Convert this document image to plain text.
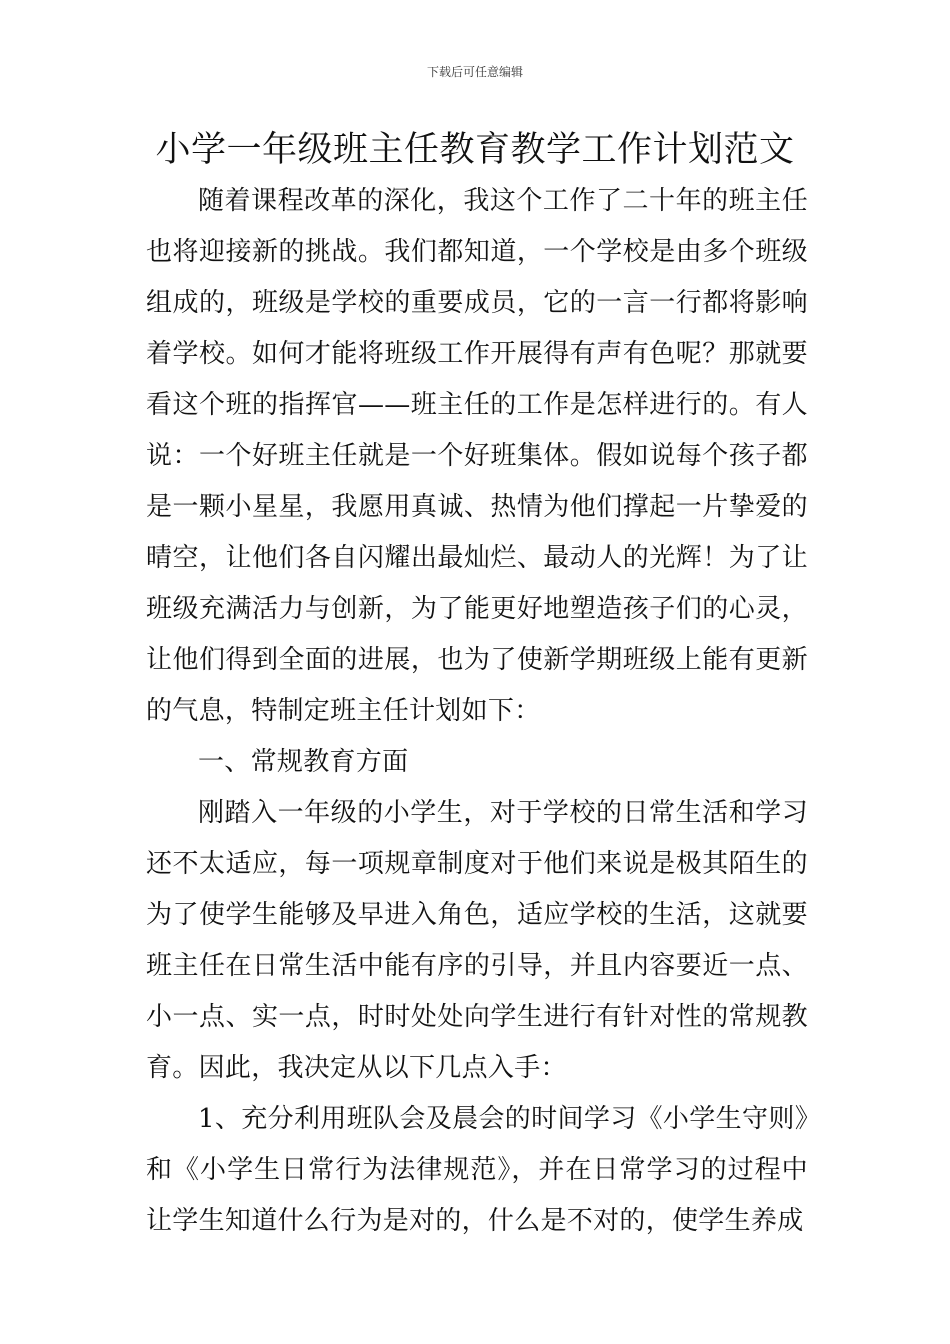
下载后可任意编辑
小学一年级班主任教育教学工作计划范文

随着课程改革的深化，我这个工作了二十年的班主任也将迎接新的挑战。我们都知道，一个学校是由多个班级组成的，班级是学校的重要成员，它的一言一行都将影响着学校。如何才能将班级工作开展得有声有色呢？那就要看这个班的指挥官——班主任的工作是怎样进行的。有人说：一个好班主任就是一个好班集体。假如说每个孩子都是一颗小星星，我愿用真诚、热情为他们撑起一片挚爱的晴空，让他们各自闪耀出最灿烂、最动人的光辉！为了让班级充满活力与创新，为了能更好地塑造孩子们的心灵，让他们得到全面的进展，也为了使新学期班级上能有更新的气息，特制定班主任计划如下：

一、常规教育方面

刚踏入一年级的小学生，对于学校的日常生活和学习还不太适应，每一项规章制度对于他们来说是极其陌生的为了使学生能够及早进入角色，适应学校的生活，这就要班主任在日常生活中能有序的引导，并且内容要近一点、小一点、实一点，时时处处向学生进行有针对性的常规教育。因此，我决定从以下几点入手：

1、充分利用班队会及晨会的时间学习《小学生守则》和《小学生日常行为法律规范》，并在日常学习的过程中让学生知道什么行为是对的，什么是不对的，使学生养成
